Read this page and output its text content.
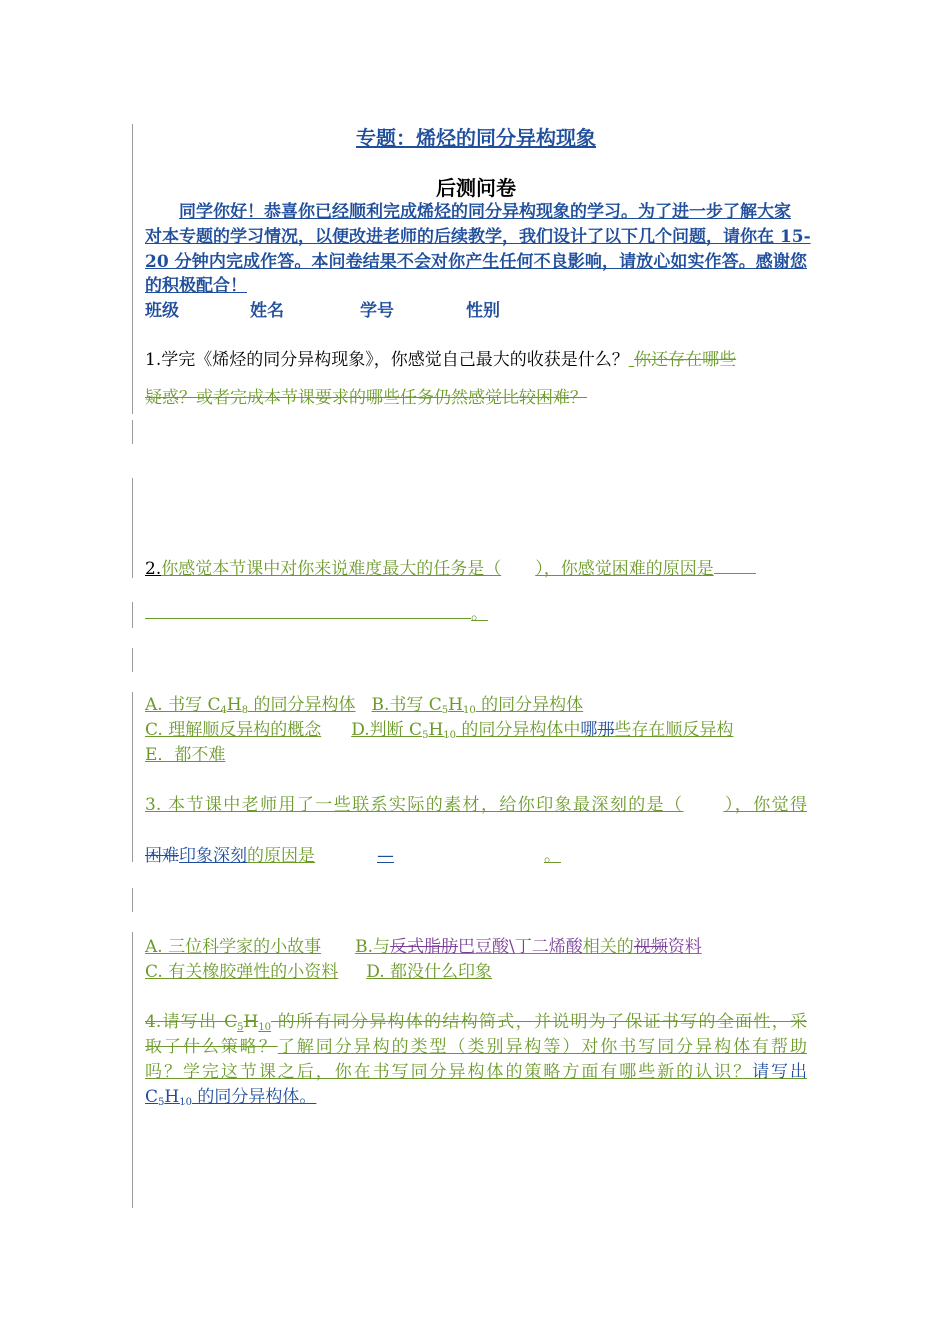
专题：烯烃的同分异构现象
后测问卷
同学你好！恭喜你已经顺利完成烯烃的同分异构现象的学习。为了进一步了解大家
对本专题的学习情况，以便改进老师的后续教学，我们设计了以下几个问题，请你在 15-
20 分钟内完成作答。本问卷结果不会对你产生任何不良影响，请放心如实作答。感谢您
的积极配合！
班级	姓名	学号	性别
1.学完《烯烃的同分异构现象》，你感觉自己最大的收获是什么？ 你还存在哪些
疑惑？或者完成本节课要求的哪些任务仍然感觉比较困难？
2.你感觉本节课中对你来说难度最大的任务是（ ），你感觉困难的原因是
。
A. 书写 $C_4H_8$ 的同分异构体 B.书写 $C_5H_{10}$ 的同分异构体
C. 理解顺反异构的概念 D.判断 $C_5H_{10}$ 的同分异构体中哪那些存在顺反异构
E．都不难
3. 本节课中老师用了一些联系实际的素材，给你印象最深刻的是（ ），你觉得
困难印象深刻的原因是	—	。
A. 三位科学家的小故事 B.与反式脂肪巴豆酸\丁二烯酸相关的视频资料
C. 有关橡胶弹性的小资料 D. 都没什么印象
4.请写出 $C_5H_{10}$ 的所有同分异构体的结构简式，并说明为了保证书写的全面性，采
取了什么策略？了解同分异构的类型（类别异构等）对你书写同分异构体有帮助
吗？学完这节课之后，你在书写同分异构体的策略方面有哪些新的认识？请写出
$C_5H_{10}$ 的同分异构体。
